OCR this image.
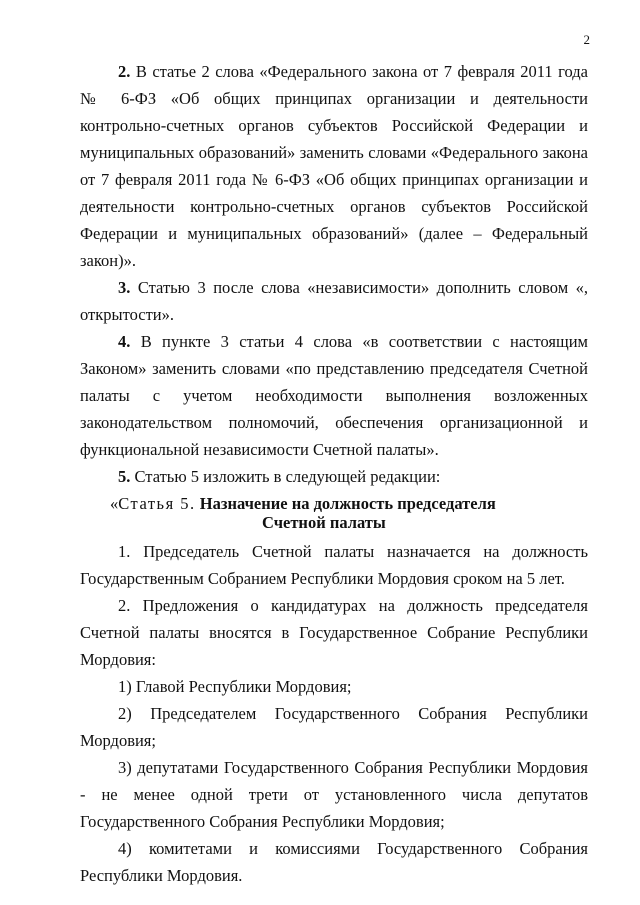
2

2. В статье 2 слова «Федерального закона от 7 февраля 2011 года № 6-ФЗ «Об общих принципах организации и деятельности контрольно-счетных органов субъектов Российской Федерации и муниципальных образований» заменить словами «Федерального закона от 7 февраля 2011 года № 6-ФЗ «Об общих принципах организации и деятельности контрольно-счетных органов субъектов Российской Федерации и муниципальных образований» (далее – Федеральный закон)».

3. Статью 3 после слова «независимости» дополнить словом «, открытости».

4. В пункте 3 статьи 4 слова «в соответствии с настоящим Законом» заменить словами «по представлению председателя Счетной палаты с учетом необходимости выполнения возложенных законодательством полномочий, обеспечения организационной и функциональной независимости Счетной палаты».

5. Статью 5 изложить в следующей редакции:

«Статья 5. Назначение на должность председателя
Счетной палаты

1. Председатель Счетной палаты назначается на должность Государственным Собранием Республики Мордовия сроком на 5 лет.

2. Предложения о кандидатурах на должность председателя Счетной палаты вносятся в Государственное Собрание Республики Мордовия:

1) Главой Республики Мордовия;

2) Председателем Государственного Собрания Республики Мордовия;

3) депутатами Государственного Собрания Республики Мордовия - не менее одной трети от установленного числа депутатов Государственного Собрания Республики Мордовия;

4) комитетами и комиссиями Государственного Собрания Республики Мордовия.
